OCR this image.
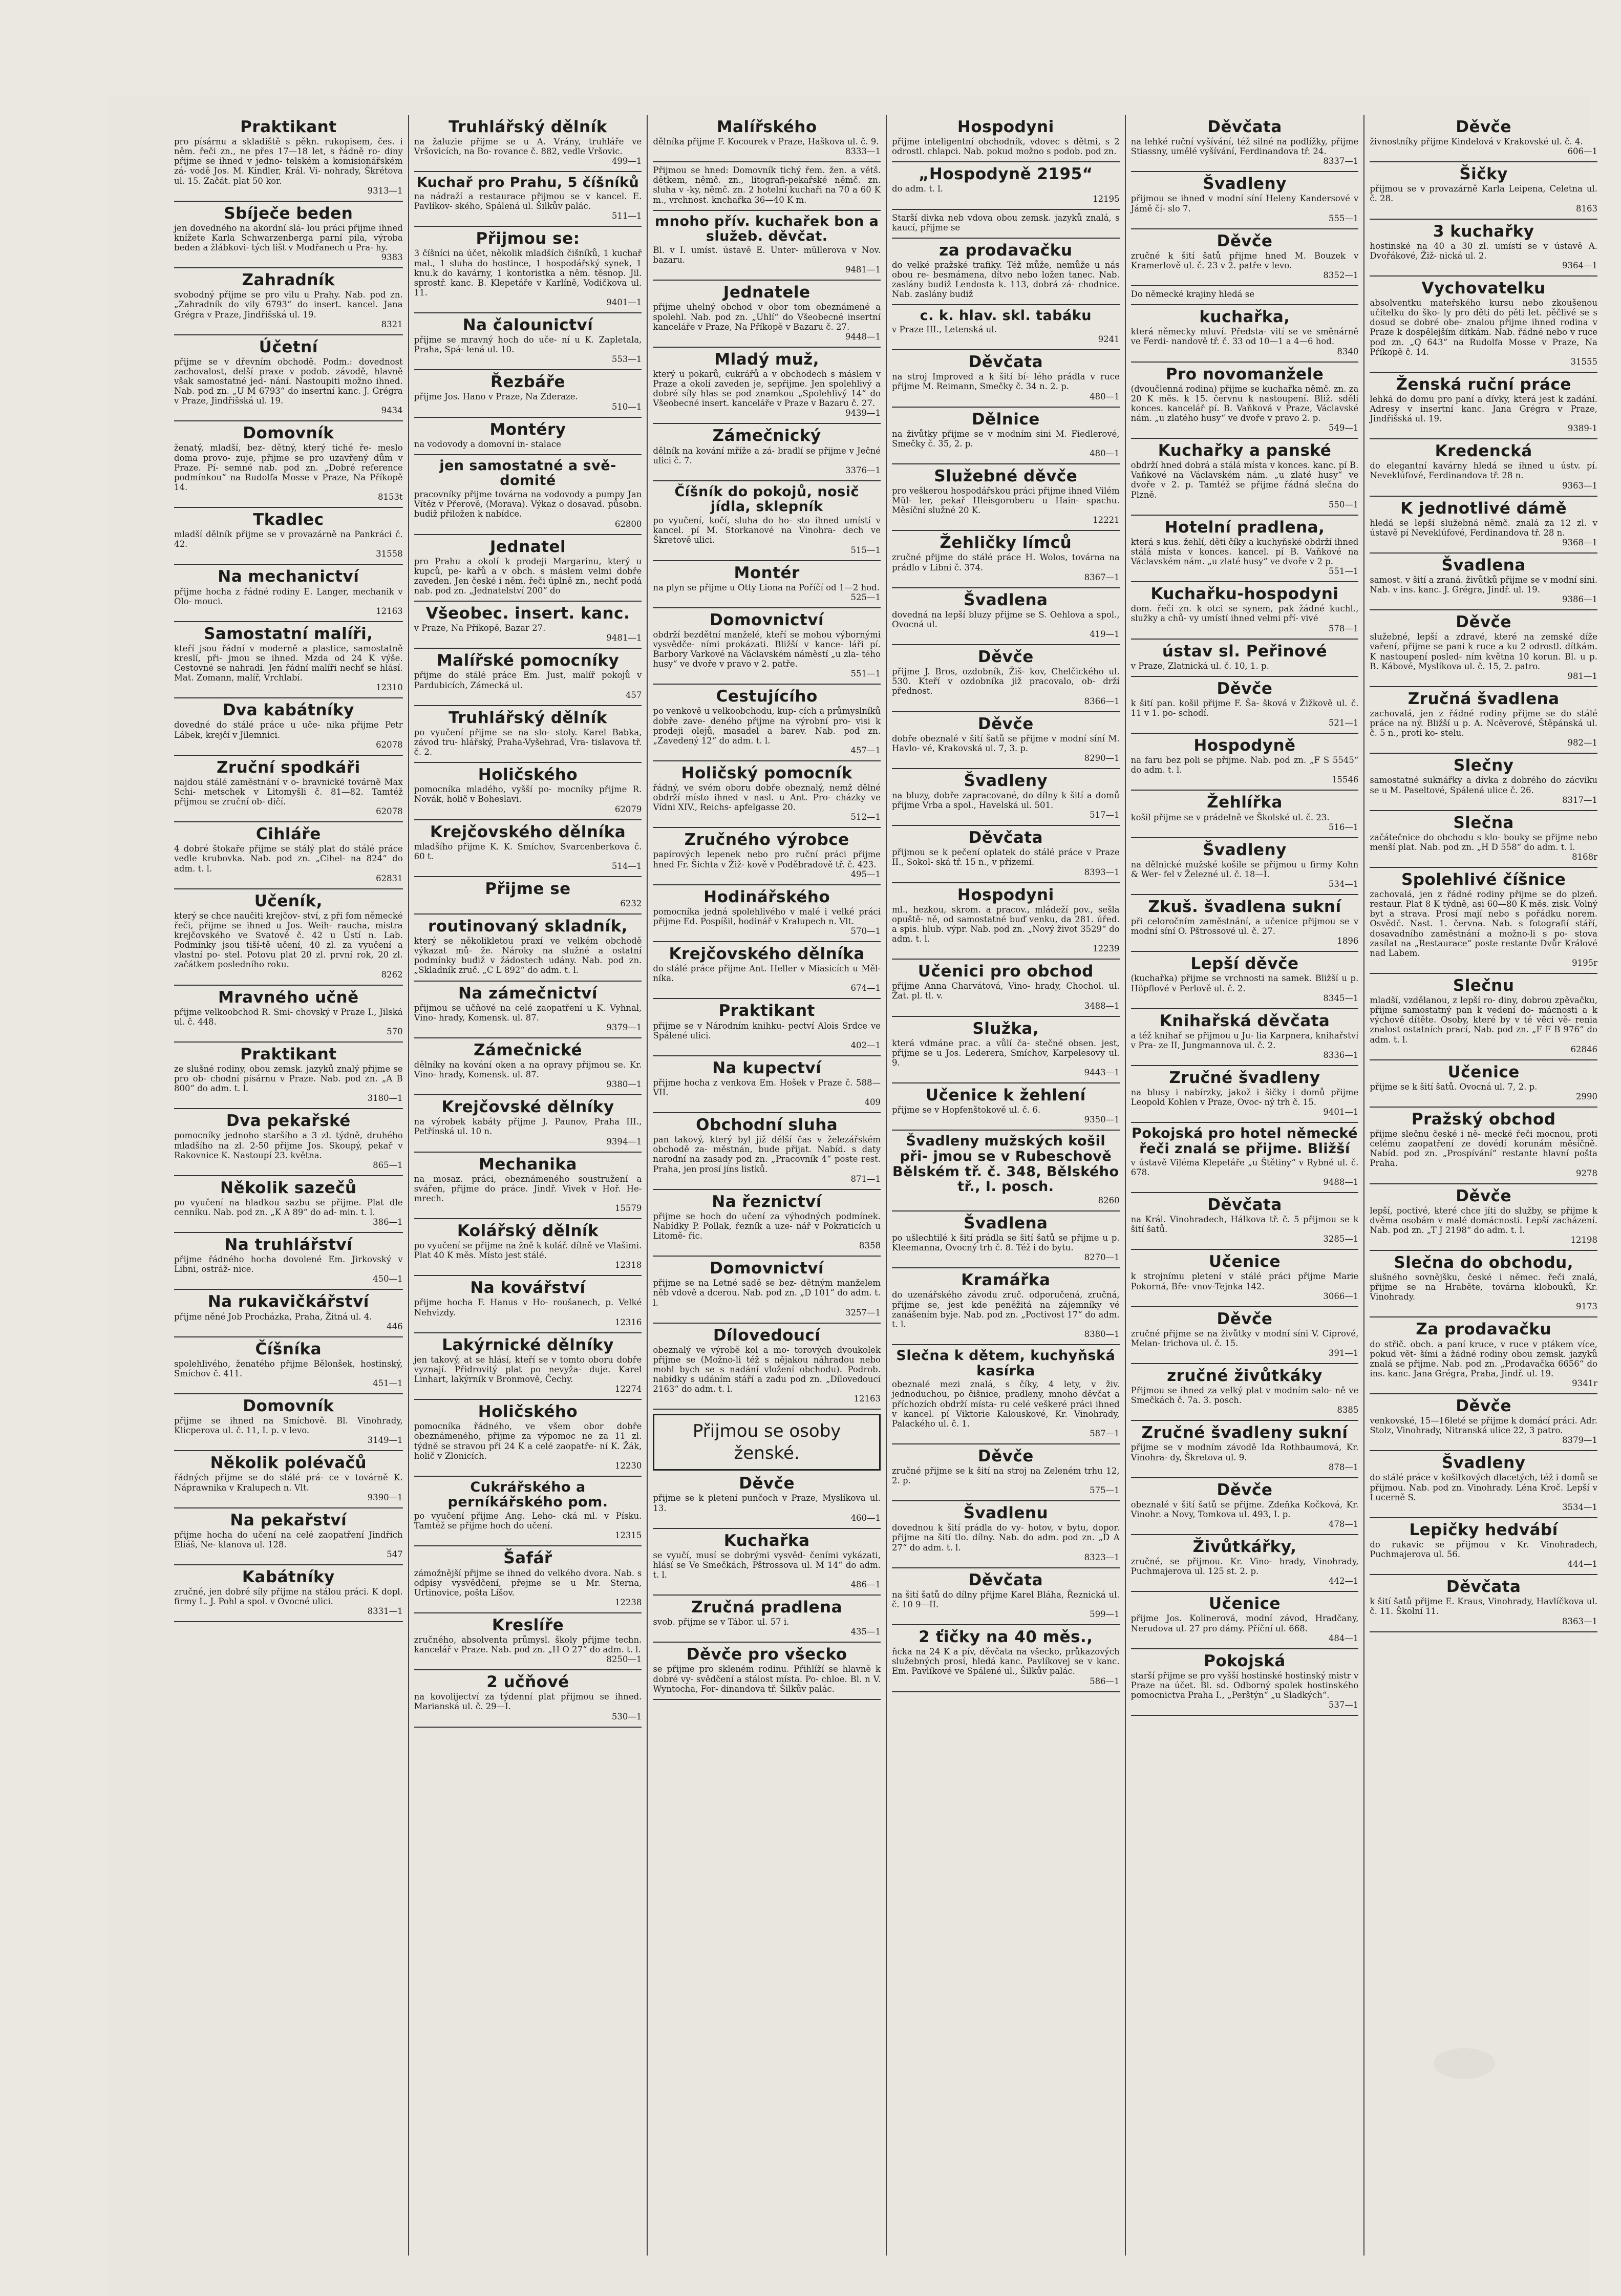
Praktikant
pro písárnu a skladiště s pěkn. rukopisem, čes. i něm. řeči zn., ne přes 17—18 let, s řádně ro- diny přijme se ihned v jedno- telském a komisionářském zá- vodě Jos. M. Kindler, Král. Vi- nohrady, Škrétova ul. 15. Začát. plat 50 kor.
9313—1
Sbíječe beden
jen dovedného na akordní slá- lou práci přijme ihned knížete Karla Schwarzenberga parní pila, výroba beden a žlábkovi- tých lišt v Modřanech u Pra- hy.
9383
Zahradník
svobodný přijme se pro vilu u Prahy. Nab. pod zn. „Zahradník do vily 6793“ do insert. kancel. Jana Grégra v Praze, Jindřišská ul. 19.
8321
Účetní
přijme se v dřevním obchodě. Podm.: dovednost zachovalost, delší praxe v podob. závodě, hlavně však samostatné jed- nání. Nastoupiti možno ihned. Nab. pod zn. „U M 6793“ do insertní kanc. J. Grégra v Praze, Jindřišská ul. 19.
9434
Domovník
ženatý, mladší, bez- dětný, který tiché ře- meslo doma provo- zuje, přijme se pro uzavřený dům v Praze. Pí- semné nab. pod zn. „Dobré reference podmínkou“ na Rudolfa Mosse v Praze, Na Příkopě 14.
8153t
Tkadlec
mladší dělník přijme se v provazárně na Pankráci č. 42.
31558
Na mechanictví
přijme hocha z řádné rodiny E. Langer, mechanik v Olo- mouci.
12163
Samostatní malíři,
kteří jsou řádní v moderně a plastice, samostatně kreslí, při- jmou se ihned. Mzda od 24 K výše. Cestovné se nahradí. Jen řádní malíři nechť se hlásí. Mat. Zomann, malíř, Vrchlabí.
12310
Dva kabátníky
dovedné do stálé práce u uče- nika přijme Petr Lábek, krejčí v Jilemnici.
62078
Zruční spodkáři
najdou stálé zaměstnání v o- bravnické továrně Max Schi- metschek v Litomyšli č. 81—82. Tamtéž přijmou se zruční ob- dičí.
62078
Cihláře
4 dobré štokaře přijme se stálý plat do stálé práce vedle krubovka. Nab. pod zn. „Cihel- na 824“ do adm. t. l.
62831
Učeník,
který se chce naučiti krejčov- ství, z při fom německé řeči, přijme se ihned u Jos. Weih- raucha, mistra krejčovského ve Svatově č. 42 u Ústí n. Lab. Podmínky jsou tiší-tě učení, 40 zl. za vyučení a vlastní po- stel. Potovu plat 20 zl. první rok, 20 zl. začátkem posledního roku.
8262
Mravného učně
přijme velkoobchod R. Smi- chovský v Praze I., Jilská ul. č. 448.
570
Praktikant
ze slušné rodiny, obou zemsk. jazyků znalý přijme se pro ob- chodní písárnu v Praze. Nab. pod zn. „A B 800“ do adm. t. l.
3180—1
Dva pekařské
pomocníky jednoho staršího a 3 zl. týdně, druhého mladšího na zl. 2-50 přijme Jos. Skoupý, pekař v Rakovnice K. Nastoupí 23. května.
865—1
Několik sazečů
po vyučení na hladkou sazbu se přijme. Plat dle cenníku. Nab. pod zn. „K A 89“ do ad- min. t. l.
386—1
Na truhlářství
přijme řádného hocha dovolené Em. Jirkovský v Libni, ostráž- nice.
450—1
Na rukavičkářství
přijme něné Job Procházka, Praha, Žitná ul. 4.
446
Číšníka
spolehlivého, ženatého přijme Bělonšek, hostinský, Smíchov č. 411.
451—1
Domovník
přijme se ihned na Smíchově. Bl. Vinohrady, Klicperova ul. č. 11, I. p. v levo.
3149—1
Několik polévačů
řádných přijme se do stálé prá- ce v továrně K. Náprawnika v Kralupech n. Vlt.
9390—1
Na pekařství
přijme hocha do učení na celé zaopatření Jindřich Eliáš, Ne- klanova ul. 128.
547
Kabátníky
zručné, jen dobré síly přijme na stálou práci. K dopl. firmy L. J. Pohl a spol. v Ovocné ulici.
8331—1
Truhlářský dělník
na žaluzie přijme se u A. Vrány, truhláře ve Vršovicích, na Bo- rovance č. 882, vedle Vršovic.
499—1
Kuchař pro Prahu, 5 číšníků
na nádraží a restaurace přijmou se v kancel. E. Pavlíkov- ského, Spálená ul. Šilkův palác.
511—1
Přijmou se:
3 číšníci na účet, několik mladších čišníků, 1 kuchař mal., 1 sluha do hostince, 1 hospodářský synek, 1 knu.k do kavárny, 1 kontoristka a něm. těsnop. Jil. sprostř. kanc. B. Klepetáře v Karlíně, Vodičkova ul. 11.
9401—1
Na čalounictví
přijme se mravný hoch do uče- ní u K. Zapletala, Praha, Spá- lená ul. 10.
553—1
Řezbáře
přijme Jos. Hano v Praze, Na Zderaze.
510—1
Montéry
na vodovody a domovní in- stalace
jen samostatné a svě- domité
pracovníky přijme továrna na vodovody a pumpy Jan Vítěz v Přerově, (Morava). Výkaz o dosavad. působn. budiž přiložen k nabídce.
62800
Jednatel
pro Prahu a okolí k prodeji Margarinu, který u kupců, pe- kařů a v obch. s máslem velmi dobře zaveden. Jen české i něm. řeči úplně zn., nechť podá nab. pod zn. „Jednatelství 200“ do
Všeobec. insert. kanc.
v Praze, Na Příkopě, Bazar 27.
9481—1
Malířské pomocníky
přijme do stálé práce Em. Just, malíř pokojů v Pardubicích, Zámecká ul.
457
Truhlářský dělník
po vyučení přijme se na slo- stoly. Karel Babka, závod tru- hlářský, Praha-Vyšehrad, Vra- tislavova tř. č. 2.
Holičského
pomocníka mladého, vyšší po- mocníky přijme R. Novák, holič v Boheslavi.
62079
Krejčovského dělníka
mladšího přijme K. K. Smíchov, Svarcenberkova č. 60 t.
514—1
Přijme se
6232
routinovaný skladník,
který se několikletou praxí ve velkém obchodě výkazat mů- že. Nároky na služné a ostatní podmínky budiž v žádostech udány. Nab. pod zn. „Skladník zruč. „C L 892“ do adm. t. l.
Na zámečnictví
přijmou se učňové na celé zaopatření u K. Vyhnal, Vino- hrady, Komensk. ul. 87.
9379—1
Zámečnické
dělníky na kování oken a na opravy přijmou se. Kr. Vino- hrady, Komensk. ul. 87.
9380—1
Krejčovské dělníky
na výrobek kabáty přijme J. Paunov, Praha III., Petřínská ul. 10 n.
9394—1
Mechanika
na mosaz. práci, obeznámeného soustružení a svářen, přijme do práce. Jindř. Vivek v Hoř. He- mrech.
15579
Kolářský dělník
po vyučení se přijme na žně k kolář. dílně ve Vlašimi. Plat 40 K měs. Místo jest stálé.
12318
Na kovářství
přijme hocha F. Hanus v Ho- roušanech, p. Velké Nehvizdy.
12316
Lakýrnické dělníky
jen takový, at se hlásí, kteří se v tomto oboru dobře vyznají. Přidrovitý plat po nevyža- duje. Karel Linhart, lakýrník v Bronmově, Čechy.
12274
Holičského
pomocníka řádného, ve všem obor dobře obeznámeného, přijme za výpomoc ne za 11 zl. týdně se stravou při 24 K a celé zaopatře- ní K. Žák, holič v Zlonicích.
12230
Cukrářského a perníkářského pom.
po vyučení přijme Ang. Leho- cká ml. v Písku. Tamtéž se přijme hoch do učení.
12315
Šafář
zámožnější přijme se ihned do velkého dvora. Nab. s odpisy vysvědčení, přejme se u Mr. Sterna, Urtinovice, pošta Líšov.
12238
Kreslíře
zručného, absolventa průmysl. školy přijme techn. kancelář v Praze. Nab. pod zn. „H O 27“ do adm. t. l.
8250—1
2 učňové
na kovolijectví za týdenní plat přijmou se ihned. Marianská ul. č. 29—I.
530—1
Malířského
dělníka přijme F. Kocourek v Praze, Haškova ul. č. 9.
8333—1
Přijmou se hned: Domovník tichý řem. žen. a větš. dětkem, němč. zn., litografi-pekařské němč. zn. sluha v -ky, němč. zn. 2 hotelní kuchaři na 70 a 60 K m., vrchnost. knchařka 36—40 K m.
mnoho přív. kuchařek bon a služeb. děvčat.
Bl. v I. umíst. ústavě E. Unter- müllerova v Nov. bazaru.
9481—1
Jednatele
přijme uhelný obchod v obor tom obeznámené a spolehl. Nab. pod zn. „Uhlí“ do Všeobecné insertní kanceláře v Praze, Na Příkopě v Bazaru č. 27.
9448—1
Mladý muž,
který u pokarů, cukrářů a v obchodech s máslem v Praze a okolí zaveden je, sepřijme. Jen spolehlivý a dobré síly hlas se pod znamkou „Spolehlivý 14“ do Všeobecné insert. kanceláře v Praze v Bazaru č. 27.
9439—1
Zámečnický
dělník na kování mříže a zá- bradlí se přijme v Ječné ulici č. 7.
3376—1
Číšník do pokojů, nosič jídla, sklepník
po vyučení, kočí, sluha do ho- sto ihned umístí v kancel. pí M. Storkanové na Vinohra- dech ve Škretově ulici.
515—1
Montér
na plyn se přijme u Otty Liona na Poříčí od 1—2 hod.
525—1
Domovnictví
obdrží bezdětní manželé, kteří se mohou výbornými vysvědče- ními prokázati. Bližší v kance- láři pí. Barbory Varkové na Václavském náměstí „u zla- tého husy“ ve dvoře v pravo v 2. patře.
551—1
Cestujícího
po venkově u velkoobchodu, kup- cích a průmyslníků dobře zave- deného přijme na výrobní pro- visi k prodeji olejů, masadel a barev. Nab. pod zn. „Zavedený 12“ do adm. t. l.
457—1
Holičský pomocník
řádný, ve svém oboru dobře obeznalý, nemž dělné obdrží místo ihned v nasl. u Ant. Pro- cházky ve Vídni XIV., Reichs- apfelgasse 20.
512—1
Zručného výrobce
papírových lepenek nebo pro ruční práci přijme hned Fr. Šichta v Žiž- kově v Poděbradově tř. č. 423.
495—1
Hodinářského
pomocníka jedná spolehlivého v malé i velké práci přijme Ed. Pospíšil, hodinář v Kralupech n. Vlt.
570—1
Krejčovského dělníka
do stálé práce přijme Ant. Heller v Miasicích u Měl- níka.
674—1
Praktikant
přijme se v Národním knihku- pectví Alois Srdce ve Spálené ulici.
402—1
Na kupectví
přijme hocha z venkova Em. Hošek v Praze č. 588—VII.
409
Obchodní sluha
pan takový, který byl již délší čas v železářském obchodě za- městnán, bude přijat. Nabíd. s daty narodní na zasady pod zn. „Pracovník 4“ poste rest. Praha, jen prosí jíns listků.
871—1
Na řeznictví
přijme se hoch do učení za výhodných podmínek. Nabídky P. Pollak, řezník a uze- nář v Pokraticích u Litomě- řic.
8358
Domovnictví
přijme se na Letné sadě se bez- dětným manželem něb vdově a dcerou. Nab. pod zn. „D 101“ do adm. t. l.
3257—1
Dílovedoucí
obeznalý ve výrobě kol a mo- torových dvoukolek přijme se (Možno-li též s nějakou náhradou nebo mohl bych se s nadání vložení obchodu). Podrob. nabídky s udáním stáří a zadu pod zn. „Dílovedoucí 2163“ do adm. t. l.
12163
Přijmou se osoby ženské.
Děvče
přijme se k pletení punčoch v Praze, Myslíkova ul. 13.
460—1
Kuchařka
se vyučí, musí se dobrými vysvěd- čeními vykázati, hlásí se Ve Smečkách, Pštrossova ul. M 14“ do adm. t. l.
486—1
Zručná pradlena
svob. přijme se v Tábor. ul. 57 i.
435—1
Děvče pro všecko
se přijme pro skleném rodinu. Přihlíží se hlavně k dobré vy- svědčení a stálost místa. Po- chloe. Bl. n V. Wyntocha, For- dinandova tř. Šilkův palác.
Hospodyni
přijme inteligentní obchodník, vdovec s dětmi, s 2 odrostl. chlapci. Nab. pokud možno s podob. pod zn.
„Hospodyně 2195“
do adm. t. l.
12195
Starší divka neb vdova obou zemsk. jazyků znalá, s kaucí, přijme se
za prodavačku
do velké pražské trafiky. Též může, nemůže u nás obou re- besmámena, dítvo nebo ložen tanec. Nab. zaslány budiž Lendosta k. 113, dobrá zá- chodnice. Nab. zaslány budiž
c. k. hlav. skl. tabáku
v Praze III., Letenská ul.
9241
Děvčata
na stroj Improved a k šití bí- lého prádla v ruce přijme M. Reimann, Smečky č. 34 n. 2. p.
480—1
Dělnice
na živůtky přijme se v modním sini M. Fiedlerové, Smečky č. 35, 2. p.
480—1
Služebné děvče
pro veškerou hospodářskou práci přijme ihned Vilém Mül- ler, pekař Hleisgoroberu u Hain- spachu. Měsíční služné 20 K.
12221
Žehličky límců
zručné přijme do stálé práce H. Wolos, továrna na prádlo v Libni č. 374.
8367—1
Švadlena
dovedná na lepší bluzy přijme se S. Oehlova a spol., Ovocná ul.
419—1
Děvče
přijme J. Bros, ozdobník, Žiš- kov, Chelčického ul. 530. Kteří v ozdobníka již pracovalo, ob- drží přednost.
8366—1
Děvče
dobře obeznalé v šití šatů se přijme v modní síní M. Havlo- vé, Krakovská ul. 7, 3. p.
8290—1
Švadleny
na bluzy, dobře zapracované, do dílny k šití a domů přijme Vrba a spol., Havelská ul. 501.
517—1
Děvčata
přijmou se k pečení oplatek do stálé práce v Praze II., Sokol- ská tř. 15 n., v přízemí.
8393—1
Hospodyni
ml., hezkou, skrom. a pracov., mládeží pov., sešla opuště- ně, od samostatné buď venku, da 281. úřed. a spis. hlub. výpr. Nab. pod zn. „Nový život 3529“ do adm. t. l.
12239
Učenici pro obchod
přijme Anna Charvátová, Vino- hrady, Chochol. ul. Žat. pl. tl. v.
3488—1
Služka,
která vdmáne prac. a vůlí ča- stečné obsen. jest, přijme se u Jos. Lederera, Smíchov, Karpelesovy ul. 9.
9443—1
Učenice k žehlení
přijme se v Hopfenštokově ul. č. 6.
9350—1
Švadleny mužských košil při- jmou se v Rubeschově Bělském tř. č. 348, Bělského tř., I. posch.
8260
Švadlena
po ušlechtilé k šití prádla se šití šatů se přijme u p. Kleemanna, Ovocný trh č. 8. Též i do bytu.
8270—1
Kramářka
do uzenářského závodu zruč. odporučená, zručná, přijme se, jest kde peněžitá na zájemníky vé zanášením byje. Nab. pod zn. „Poctivost 17“ do adm. t. l.
8380—1
Slečna k dětem, kuchyňská kasírka
obeznalé mezi znalá, s číky, 4 lety, v živ. jednoduchou, po čišnice, pradleny, mnoho děvčat a příchozích obdrží místa- ru celé veškeré práci ihned v kancel. pí Viktorie Kalouskové, Kr. Vinohrady, Palackého ul. č. 1.
587—1
Děvče
zručné přijme se k šití na stroj na Zeleném trhu 12, 2. p.
575—1
Švadlenu
dovednou k šití prádla do vy- hotov, v bytu, dopor. přijme na šití tlo. dílny. Nab. do adm. pod zn. „D A 27“ do adm. t. l.
8323—1
Děvčata
na šití šatů do dílny přijme Karel Bláha, Řeznická ul. č. 10 9—II.
599—1
2 ťičky na 40 měs.,
ňcka na 24 K a pív, děvčata na všecko, průkazových služebných prosí, hledá kanc. Pavlíkovej se v kanc. Em. Pavlíkové ve Spálené ul., Šilkův palác.
586—1
Děvčata
na lehké ruční vyšívání, též silné na podlížky, přijme Stiassny, umělé vyšívání, Ferdinandova tř. 24.
8337—1
Švadleny
přijmou se ihned v modní síní Heleny Kandersové v Jámě čí- slo 7.
555—1
Děvče
zručné k šití šatů přijme hned M. Bouzek v Kramerlově ul. č. 23 v 2. patře v levo.
8352—1
Do německé krajiny hledá se
kuchařka,
která německy mluví. Předsta- vití se ve směnárně ve Ferdi- nandově tř. č. 33 od 10—1 a 4—6 hod.
8340
Pro novomanžele
(dvoučlenná rodina) přijme se kuchařka němč. zn. za 20 K měs. k 15. červnu k nastoupení. Bliž. sdělí konces. kancelář pí. B. Vaňková v Praze, Václavské nám. „u zlatého husy“ ve dvoře v pravo 2. p.
549—1
Kuchařky a panské
obdrží hned dobrá a stálá místa v konces. kanc. pí B. Vaňkové na Václavském nám. „u zlaté husy“ ve dvoře v 2. p. Tamtéž se přijme řádná slečna do Plzně.
550—1
Hotelní pradlena,
která s kus. žehlí, děti číky a kuchyňské obdrží ihned stálá místa v konces. kancel. pí B. Vaňkové na Václavském nám. „u zlaté husy“ ve dvoře v 2 p.
551—1
Kuchařku-hospodyni
dom. řeči zn. k otci se synem, pak žádné kuchl., služky a chů- vy umístí ihned velmi pří- vivé
578—1
ústav sl. Peřinové
v Praze, Zlatnická ul. č. 10, 1. p.
Děvče
k šití pan. košil přijme F. Ša- šková v Žižkově ul. č. 11 v 1. po- schodí.
521—1
Hospodyně
na faru bez poli se přijme. Nab. pod zn. „F S 5545“ do adm. t. l.
15546
Žehlířka
košil přijme se v prádelně ve Školské ul. č. 23.
516—1
Švadleny
na dělnické mužské košile se přijmou u firmy Kohn & Wer- fel v Železné ul. č. 18—I.
534—1
Zkuš. švadlena sukní
při celoročním zaměstnání, a učenice přijmou se v modní síní O. Pštrossové ul. č. 27.
1896
Lepší děvče
(kuchařka) přijme se vrchnosti na samek. Bližší u p. Höpflové v Perlově ul. č. 2.
8345—1
Knihařská děvčata
a též knihař se přijmou u Ju- lia Karpnera, knihařství v Pra- ze II, Jungmannova ul. č. 2.
8336—1
Zručné švadleny
na blusy i nabírzky, jakož i šičky i domů přijme Leopold Kohlen v Praze, Ovoc- ný trh č. 15.
9401—1
Pokojská pro hotel německé řeči znalá se přijme. Bližší
v ústavě Viléma Klepetáře „u Štětiny“ v Rybné ul. č. 678.
9488—1
Děvčata
na Král. Vinohradech, Hálkova tř. č. 5 přijmou se k šití šatů.
3285—1
Učenice
k strojnímu pletení v stálé práci přijme Marie Pokorná, Bře- vnov-Tejnka 142.
3066—1
Děvče
zručné přijme se na živůtky v modní síni V. Ciprové, Melan- trichova ul. č. 15.
391—1
zručné živůtkáky
Přijmou se ihned za velký plat v modním salo- ně ve Smečkách č. 7a. 3. posch.
8385
Zručné švadleny sukní
přijme se v modním závodě Ida Rothbaumová, Kr. Vinohra- dy, Škretova ul. 9.
878—1
Děvče
obeznalé v šití šatů se přijme. Zdeňka Kočková, Kr. Vinohr. a Novy, Tomkova ul. 493, I. p.
478—1
Živůtkářky,
zručné, se přijmou. Kr. Vino- hrady, Vinohrady, Puchmajerova ul. 125 st. 2. p.
442—1
Učenice
přijme Jos. Kolinerová, modní závod, Hradčany, Nerudova ul. 27 pro dámy. Příční ul. 668.
484—1
Pokojská
starší přijme se pro vyšší hostinské hostinský mistr v Praze na účet. Bl. sd. Odborný spolek hostinského pomocnictva Praha I., „Perštýn“ „u Sladkých“.
537—1
Děvče
živnostníky přijme Kindelová v Krakovské ul. č. 4.
606—1
Šičky
přijmou se v provazárně Karla Leipena, Celetna ul. č. 28.
8163
3 kuchařky
hostinské na 40 a 30 zl. umístí se v ústavě A. Dvořákové, Žiž- nická ul. 2.
9364—1
Vychovatelku
absolventku mateřského kursu nebo zkoušenou učitelku do ško- ly pro děti do pěti let. pěčlivé se s dosud se dobré obe- znalou přijme ihned rodina v Praze k dospělejším dítkám. Nab. řádné nebo v ruce pod zn. „Q 643“ na Rudolfa Mosse v Praze, Na Příkopě č. 14.
31555
Ženská ruční práce
lehká do domu pro paní a dívky, která jest k zadání. Adresy v insertní kanc. Jana Grégra v Praze, Jindřišská ul. 19.
9389-1
Kredencká
do elegantní kavárny hledá se ihned u ústv. pí. Neveklúfové, Ferdinandova tř. 28 n.
9363—1
K jednotlivé dámě
hledá se lepší služebná němč. znalá za 12 zl. v ústavě pí Neveklúfové, Ferdinandova tř. 28 n.
9368—1
Švadlena
samost. v šití a zraná. živůtků přijme se v modní síni. Nab. v ins. kanc. J. Grégra, Jindř. ul. 19.
9386—1
Děvče
služebné, lepší a zdravé, které na zemské díže vaření, přijme se pani k ruce a ku 2 odrostl. dítkám. K nastoupení posled- ním května 10 korun. Bl. u p. B. Kábové, Myslíkova ul. č. 15, 2. patro.
981—1
Zručná švadlena
zachovalá, jen z řádné rodiny přijme se do stálé práce na ný. Bližší u p. A. Ncěverové, Štěpánská ul. č. 5 n., proti ko- stelu.
982—1
Slečny
samostatné suknářky a dívka z dobrého do zácviku se u M. Paseltové, Spálená ulice č. 26.
8317—1
Slečna
začátečnice do obchodu s klo- bouky se přijme nebo menší plat. Nab. pod zn. „H D 558“ do adm. t. l.
8168r
Spolehlivé číšnice
zachovalá, jen z řádné rodiny přijme se do plzeň. restaur. Plat 8 K týdně, asi 60—80 K měs. zisk. Volný byt a strava. Prosí mají nebo s pořádku norem. Osvědč. Nast. 1. června. Nab. s fotografií stáří, dosavadního zaměstnání a možno-li s po- stova zasílat na „Restaurace“ poste restante Dvůr Králové nad Labem.
9195r
Slečnu
mladší, vzdělanou, z lepší ro- diny, dobrou zpěvačku, přijme samostatný pan k vedení do- mácnosti a k výchově dítěte. Osoby, které by v té věci vě- renia znalost ostatních prací, Nab. pod zn. „F F B 976“ do adm. t. l.
62846
Učenice
přijme se k šití šatů. Ovocná ul. 7, 2. p.
2990
Pražský obchod
přijme slečnu české i ně- mecké řeči mocnou, proti celému zaopatření ze dovédí korunám měsíčně. Nabíd. pod zn. „Prospívání“ restante hlavní pošta Praha.
9278
Děvče
lepší, poctivé, které chce jíti do služby, se přijme k dvěma osobám v malé domácnosti. Lepší zacházení. Nab. pod zn. „T J 2198“ do adm. t. l.
12198
Slečna do obchodu,
slušného sovnějšku, české i němec. řeči znalá, přijme se na Hraběte, továrna klobouků, Kr. Vinohrady.
9173
Za prodavačku
do střič. obch. a paní kruce, v ruce v ptákem více, pokud vět- šími a žádné rodiny obou zemsk. jazyků znalá se přijme. Nab. pod zn. „Prodavačka 6656“ do ins. kanc. Jana Grégra, Praha, Jindř. ul. 19.
9341r
Děvče
venkovské, 15—16leté se přijme k domácí práci. Adr. Stolz, Vinohrady, Nitranská ulice 22, 3 patro.
8379—1
Švadleny
do stálé práce v košilkových dlacetých, též i domů se přijmou. Nab. pod zn. Vinohrady. Léna Kroč. Lepší v Lucerně S.
3534—1
Lepičky hedvábí
do rukavic se přijmou v Kr. Vinohradech, Puchmajerova ul. 56.
444—1
Děvčata
k šití šatů přijme E. Kraus, Vinohrady, Havlíčkova ul. č. 11. Školní 11.
8363—1
